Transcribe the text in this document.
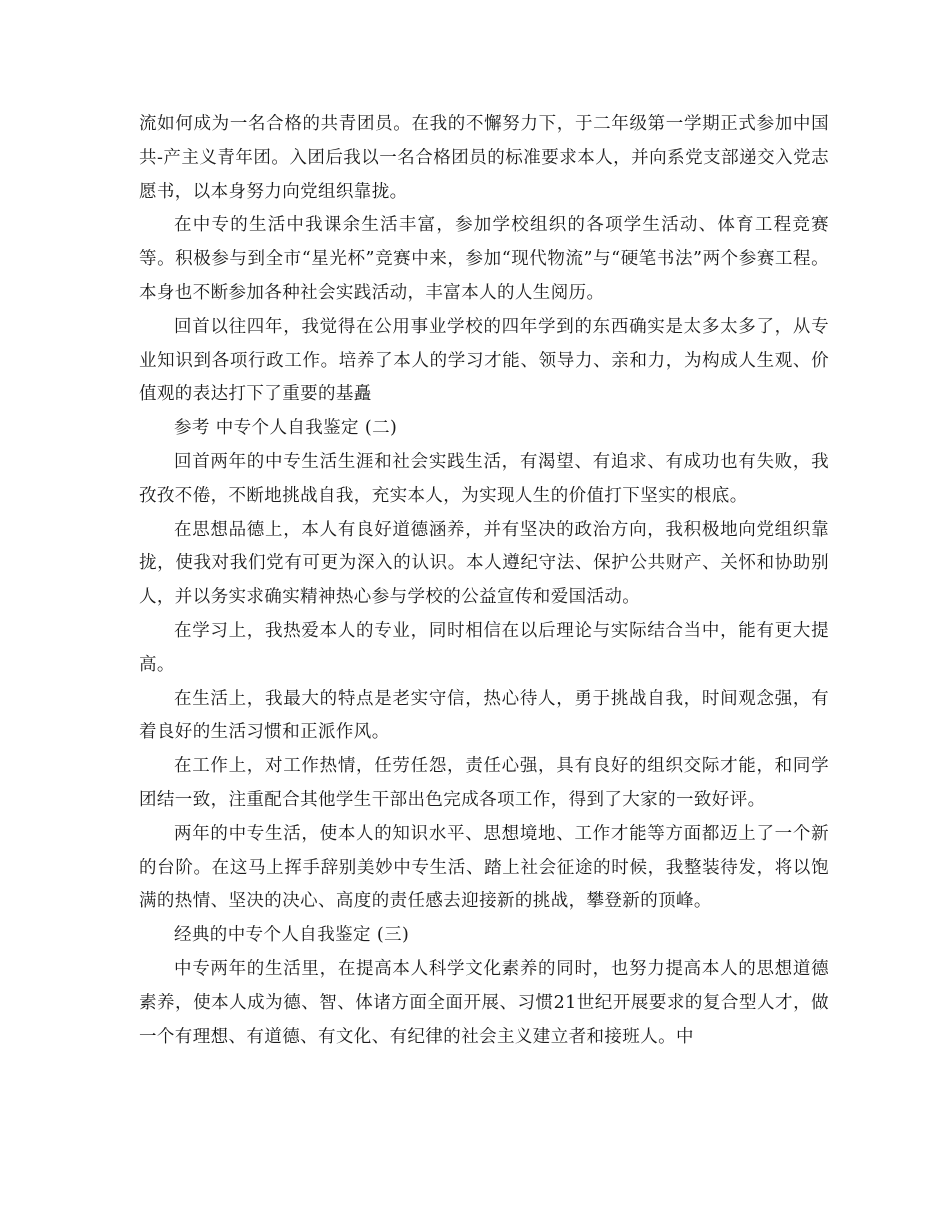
流如何成为一名合格的共青团员。在我的不懈努力下，于二年级第一学期正式参加中国共-产主义青年团。入团后我以一名合格团员的标准要求本人，并向系党支部递交入党志愿书，以本身努力向党组织靠拢。

在中专的生活中我课余生活丰富，参加学校组织的各项学生活动、体育工程竞赛等。积极参与到全市“星光杯”竞赛中来，参加“现代物流”与“硬笔书法”两个参赛工程。本身也不断参加各种社会实践活动，丰富本人的人生阅历。

回首以往四年，我觉得在公用事业学校的四年学到的东西确实是太多太多了，从专业知识到各项行政工作。培养了本人的学习才能、领导力、亲和力，为构成人生观、价值观的表达打下了重要的基矗

参考 中专个人自我鉴定 (二)

回首两年的中专生活生涯和社会实践生活，有渴望、有追求、有成功也有失败，我孜孜不倦，不断地挑战自我，充实本人，为实现人生的价值打下坚实的根底。

在思想品德上，本人有良好道德涵养，并有坚决的政治方向，我积极地向党组织靠拢，使我对我们党有可更为深入的认识。本人遵纪守法、保护公共财产、关怀和协助别人，并以务实求确实精神热心参与学校的公益宣传和爱国活动。

在学习上，我热爱本人的专业，同时相信在以后理论与实际结合当中，能有更大提高。

在生活上，我最大的特点是老实守信，热心待人，勇于挑战自我，时间观念强，有着良好的生活习惯和正派作风。

在工作上，对工作热情，任劳任怨，责任心强，具有良好的组织交际才能，和同学团结一致，注重配合其他学生干部出色完成各项工作，得到了大家的一致好评。

两年的中专生活，使本人的知识水平、思想境地、工作才能等方面都迈上了一个新的台阶。在这马上挥手辞别美妙中专生活、踏上社会征途的时候，我整装待发，将以饱满的热情、坚决的决心、高度的责任感去迎接新的挑战，攀登新的顶峰。

经典的中专个人自我鉴定 (三)

中专两年的生活里，在提高本人科学文化素养的同时，也努力提高本人的思想道德素养，使本人成为德、智、体诸方面全面开展、习惯21世纪开展要求的复合型人才，做一个有理想、有道德、有文化、有纪律的社会主义建立者和接班人。中
